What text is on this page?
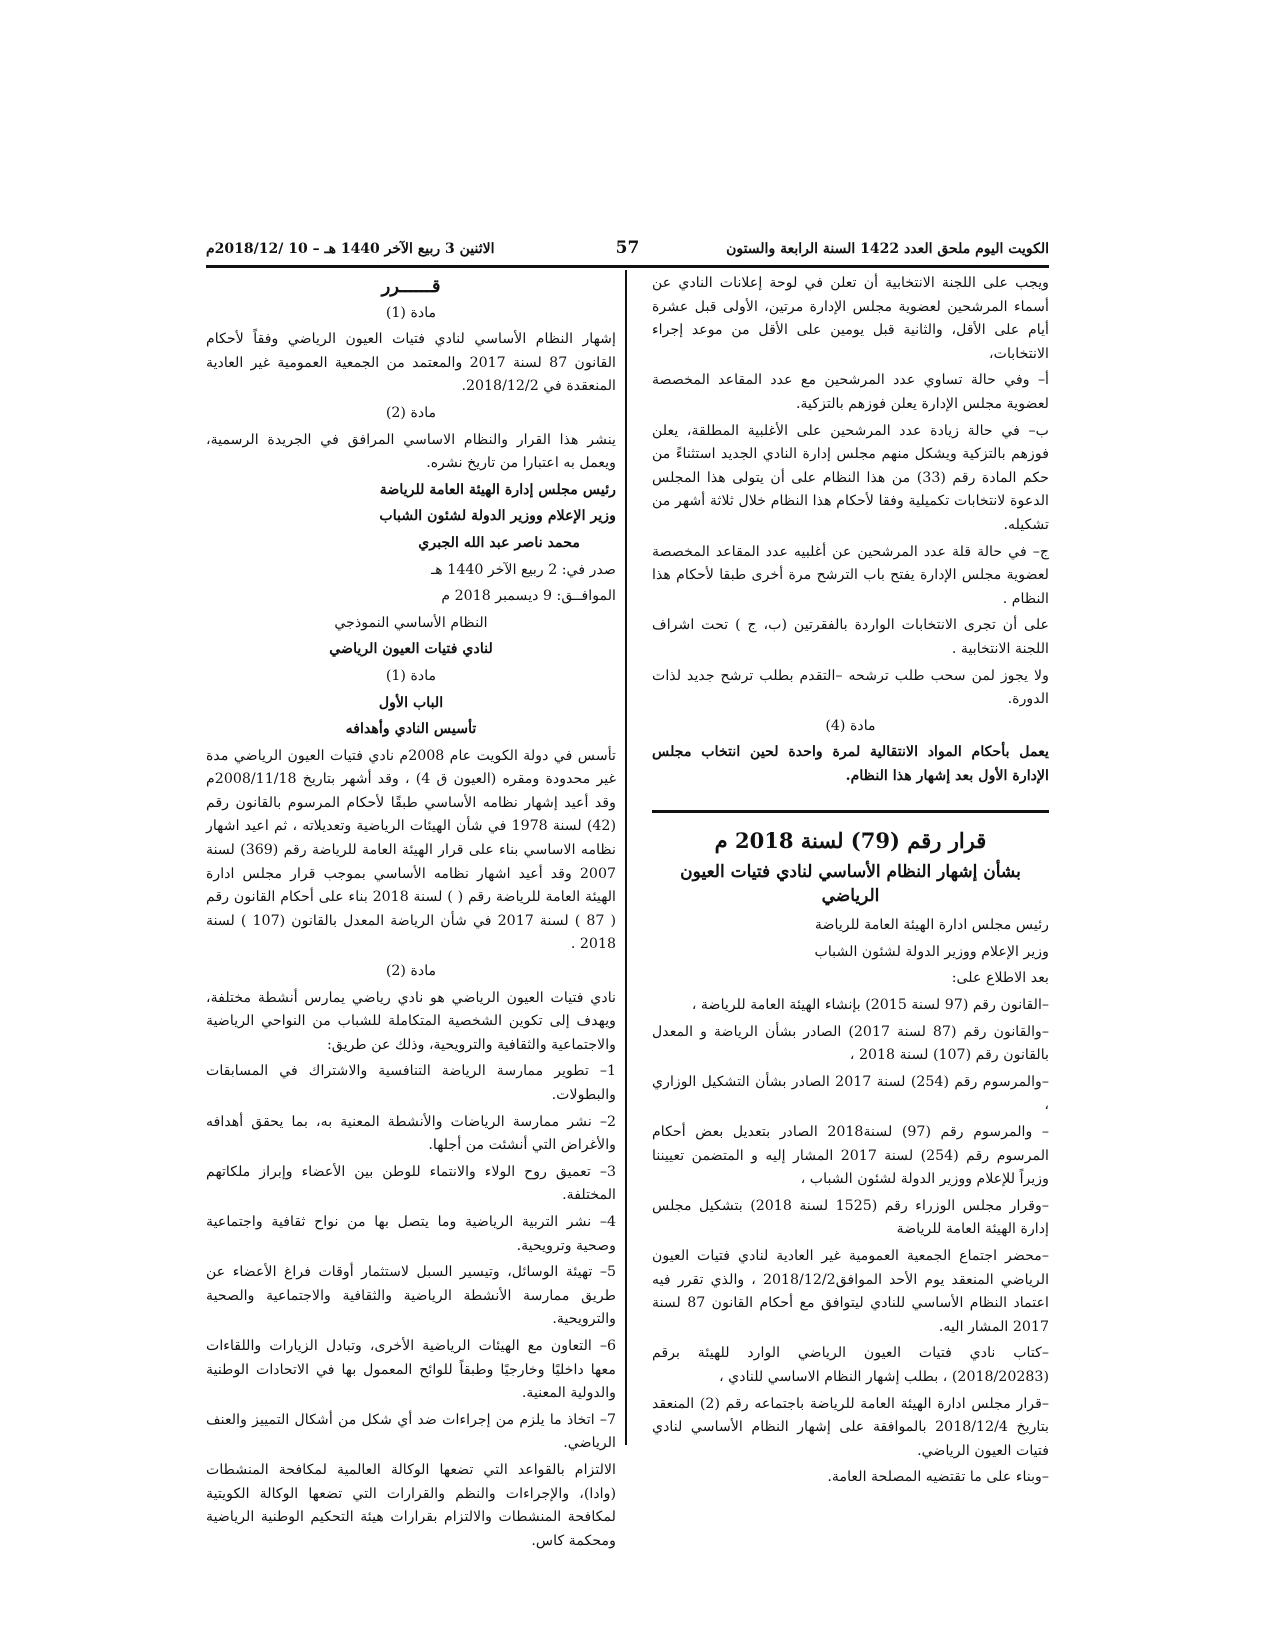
الكويت اليوم ملحق العدد 1422 السنة الرابعة والستون
57
الاثنين 3 ربيع الآخر 1440 هـ – 10 /2018/12م
ويجب على اللجنة الانتخابية أن تعلن في لوحة إعلانات النادي عن أسماء المرشحين لعضوية مجلس الإدارة مرتين، الأولى قبل عشرة أيام على الأقل، والثانية قبل يومين على الأقل من موعد إجراء الانتخابات،
أ– وفي حالة تساوي عدد المرشحين مع عدد المقاعد المخصصة لعضوية مجلس الإدارة يعلن فوزهم بالتزكية.
ب– في حالة زيادة عدد المرشحين على الأغلبية المطلقة، يعلن فوزهم بالتزكية ويشكل منهم مجلس إدارة النادي الجديد استثناءً من حكم المادة رقم (33) من هذا النظام على أن يتولى هذا المجلس الدعوة لانتخابات تكميلية وفقا لأحكام هذا النظام خلال ثلاثة أشهر من تشكيله.
ج– في حالة قلة عدد المرشحين عن أغلبيه عدد المقاعد المخصصة لعضوية مجلس الإدارة يفتح باب الترشح مرة أخرى طبقا لأحكام هذا النظام .
على أن تجرى الانتخابات الواردة بالفقرتين (ب، ج ) تحت اشراف اللجنة الانتخابية .
ولا يجوز لمن سحب طلب ترشحه –التقدم بطلب ترشح جديد لذات الدورة.
مادة (4)
يعمل بأحكام المواد الانتقالية لمرة واحدة لحين انتخاب مجلس الإدارة الأول بعد إشهار هذا النظام.
قرار رقم (79) لسنة 2018 م
بشأن إشهار النظام الأساسي لنادي فتيات العيون الرياضي
رئيس مجلس ادارة الهيئة العامة للرياضة
وزير الإعلام ووزير الدولة لشئون الشباب
بعد الاطلاع على:
–القانون رقم (97 لسنة 2015) بإنشاء الهيئة العامة للرياضة ،
–والقانون رقم (87 لسنة 2017) الصادر بشأن الرياضة و المعدل بالقانون رقم (107) لسنة 2018 ،
–والمرسوم رقم (254) لسنة 2017 الصادر بشأن التشكيل الوزاري ،
– والمرسوم رقم (97) لسنة2018 الصادر بتعديل بعض أحكام المرسوم رقم (254) لسنة 2017 المشار إليه و المتضمن تعييننا وزيراً للإعلام ووزير الدولة لشئون الشباب ،
–وقرار مجلس الوزراء رقم (1525 لسنة 2018) بتشكيل مجلس إدارة الهيئة العامة للرياضة
–محضر اجتماع الجمعية العمومية غير العادية لنادي فتيات العيون الرياضي المنعقد يوم الأحد الموافق2018/12/2 ، والذي تقرر فيه اعتماد النظام الأساسي للنادي ليتوافق مع أحكام القانون 87 لسنة 2017 المشار اليه.
–كتاب نادي فتيات العيون الرياضي الوارد للهيئة برقم (2018/20283) ، بطلب إشهار النظام الاساسي للنادي ،
–قرار مجلس ادارة الهيئة العامة للرياضة باجتماعه رقم (2) المنعقد بتاريخ 2018/12/4 بالموافقة على إشهار النظام الأساسي لنادي فتيات العيون الرياضي.
–وبناء على ما تقتضيه المصلحة العامة.
قــــــرر
مادة (1)
إشهار النظام الأساسي لنادي فتيات العيون الرياضي وفقاً لأحكام القانون 87 لسنة 2017 والمعتمد من الجمعية العمومية غير العادية المنعقدة في 2018/12/2.
مادة (2)
ينشر هذا القرار والنظام الاساسي المرافق في الجريدة الرسمية، ويعمل به اعتبارا من تاريخ نشره.
رئيس مجلس إدارة الهيئة العامة للرياضة
وزير الإعلام ووزير الدولة لشئون الشباب
محمد ناصر عبد الله الجبري
صدر في: 2 ربيع الآخر 1440 هـ
الموافــق: 9 ديسمبر 2018 م
النظام الأساسي النموذجي
لنادي فتيات العيون الرياضي
مادة (1)
الباب الأول
تأسيس النادي وأهدافه
تأسس في دولة الكويت عام 2008م نادي فتيات العيون الرياضي مدة غير محدودة ومقره (العيون ق 4) ، وقد أشهر بتاريخ 2008/11/18م وقد أعيد إشهار نظامه الأساسي طبقًا لأحكام المرسوم بالقانون رقم (42) لسنة 1978 في شأن الهيئات الرياضية وتعديلاته ، ثم اعيد اشهار نظامه الاساسي بناء على قرار الهيئة العامة للرياضة رقم (369) لسنة 2007 وقد أعيد اشهار نظامه الأساسي بموجب قرار مجلس ادارة الهيئة العامة للرياضة رقم ( ) لسنة 2018 بناء على أحكام القانون رقم ( 87 ) لسنة 2017 في شأن الرياضة المعدل بالقانون (107 ) لسنة 2018 .
مادة (2)
نادي فتيات العيون الرياضي هو نادي رياضي يمارس أنشطة مختلفة، ويهدف إلى تكوين الشخصية المتكاملة للشباب من النواحي الرياضية والاجتماعية والثقافية والترويحية، وذلك عن طريق:
1– تطوير ممارسة الرياضة التنافسية والاشتراك في المسابقات والبطولات.
2– نشر ممارسة الرياضات والأنشطة المعنية به، بما يحقق أهدافه والأغراض التي أنشئت من أجلها.
3– تعميق روح الولاء والانتماء للوطن بين الأعضاء وإبراز ملكاتهم المختلفة.
4– نشر التربية الرياضية وما يتصل بها من نواح ثقافية واجتماعية وصحية وترويحية.
5– تهيئة الوسائل، وتيسير السبل لاستثمار أوقات فراغ الأعضاء عن طريق ممارسة الأنشطة الرياضية والثقافية والاجتماعية والصحية والترويحية.
6– التعاون مع الهيئات الرياضية الأخرى، وتبادل الزيارات واللقاءات معها داخليًا وخارجيًا وطبقاً للوائح المعمول بها في الاتحادات الوطنية والدولية المعنية.
7– اتخاذ ما يلزم من إجراءات ضد أي شكل من أشكال التمييز والعنف الرياضي.
الالتزام بالقواعد التي تضعها الوكالة العالمية لمكافحة المنشطات (وادا)، والإجراءات والنظم والقرارات التي تضعها الوكالة الكويتية لمكافحة المنشطات والالتزام بقرارات هيئة التحكيم الوطنية الرياضية ومحكمة كاس.
